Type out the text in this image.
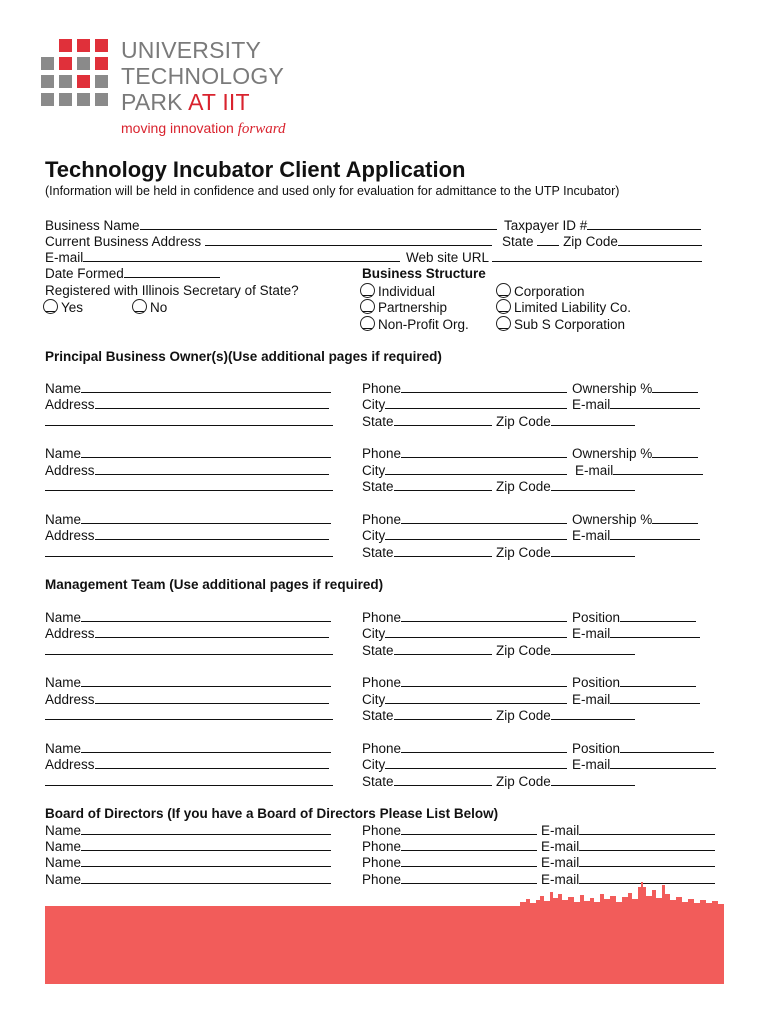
UNIVERSITY
TECHNOLOGY
PARK AT IIT
moving innovation forward
Technology Incubator Client Application
(Information will be held in confidence and used only for evaluation for admittance to the UTP Incubator)
Business Name	Taxpayer ID #
Current Business Address	State Zip Code
E-mail	Web site URL
Date Formed	Business Structure
Registered with Illinois Secretary of State?
Yes	No
Individual
Partnership
Non-Profit Org.
Corporation
Limited Liability Co.
Sub S Corporation
Principal Business Owner(s)(Use additional pages if required)
Name
Address
Phone	Ownership %
City	E-mail
State	Zip Code
Name
Address
Phone	Ownership %
City	E-mail
State	Zip Code
Name
Address
Phone	Ownership %
City	E-mail
State	Zip Code
Management Team (Use additional pages if required)
Name
Address
Phone	Position
City	E-mail
State	Zip Code
Name
Address
Phone	Position
City	E-mail
State	Zip Code
Name
Address
Phone	Position
City	E-mail
State	Zip Code
Board of Directors (If you have a Board of Directors Please List Below)
Name	Phone	E-mail
Name	Phone	E-mail
Name	Phone	E-mail
Name	Phone	E-mail
